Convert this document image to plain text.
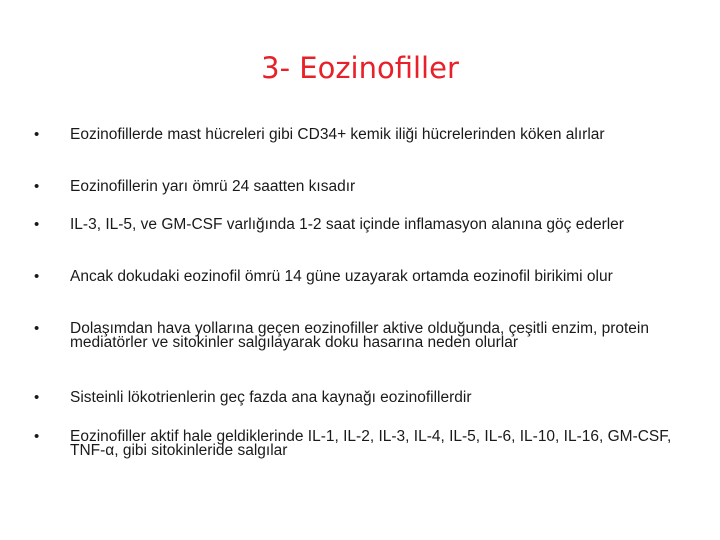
3- Eozinofiller
• Eozinofillerde mast hücreleri gibi CD34+ kemik iliği hücrelerinden köken alırlar
• Eozinofillerin yarı ömrü 24 saatten kısadır
• IL-3, IL-5, ve GM-CSF varlığında 1-2 saat içinde inflamasyon alanına göç ederler
• Ancak dokudaki eozinofil ömrü 14 güne uzayarak ortamda eozinofil birikimi olur
• Dolaşımdan hava yollarına geçen eozinofiller aktive olduğunda, çeşitli enzim, protein mediatörler ve sitokinler salgılayarak doku hasarına neden olurlar
• Sisteinli lökotrienlerin geç fazda ana kaynağı eozinofillerdir
• Eozinofiller aktif hale geldiklerinde IL-1, IL-2, IL-3, IL-4, IL-5, IL-6, IL-10, IL-16, GM-CSF, TNF-α, gibi sitokinleride salgılar
